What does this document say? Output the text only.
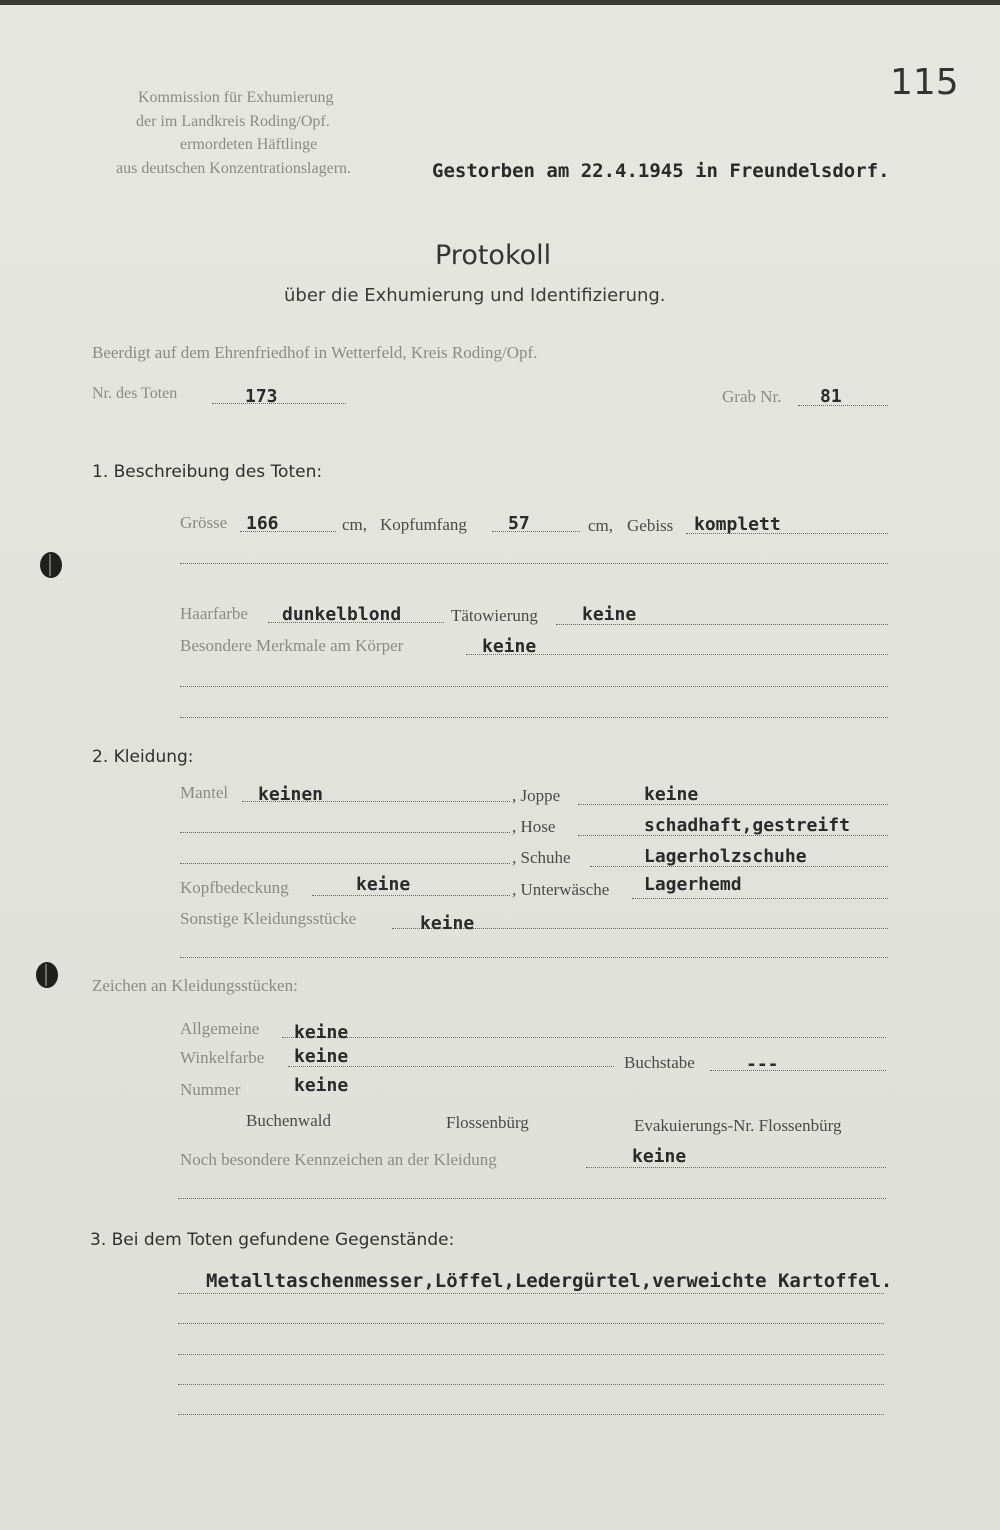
115
Kommission für Exhumierung
der im Landkreis Roding/Opf.
ermordeten Häftlinge
aus deutschen Konzentrationslagern.	Gestorben am 22.4.1945 in Freundelsdorf.
Protokoll
über die Exhumierung und Identifizierung.
Beerdigt auf dem Ehrenfriedhof in Wetterfeld, Kreis Roding/Opf.
Nr. des Toten	173	Grab Nr. 81
1. Beschreibung des Toten:
Grösse 166	cm, Kopfumfang 57	cm, Gebiss komplett
Haarfarbe dunkelblond	Tätowierung keine
Besondere Merkmale am Körper	keine
2. Kleidung:
Mantel keinen	, Joppe	keine
, Hose	schadhaft,gestreift
, Schuhe	Lagerholzschuhe
Kopfbedeckung	keine	, Unterwäsche Lagerhemd
Sonstige Kleidungsstücke	keine
Zeichen an Kleidungsstücken:
Allgemeine keine
Winkelfarbe keine	Buchstabe	---
Nummer	keine
Buchenwald	Flossenbürg	Evakuierungs-Nr. Flossenbürg
Noch besondere Kennzeichen an der Kleidung	keine
3. Bei dem Toten gefundene Gegenstände:
Metalltaschenmesser,Löffel,Ledergürtel,verweichte Kartoffel.
